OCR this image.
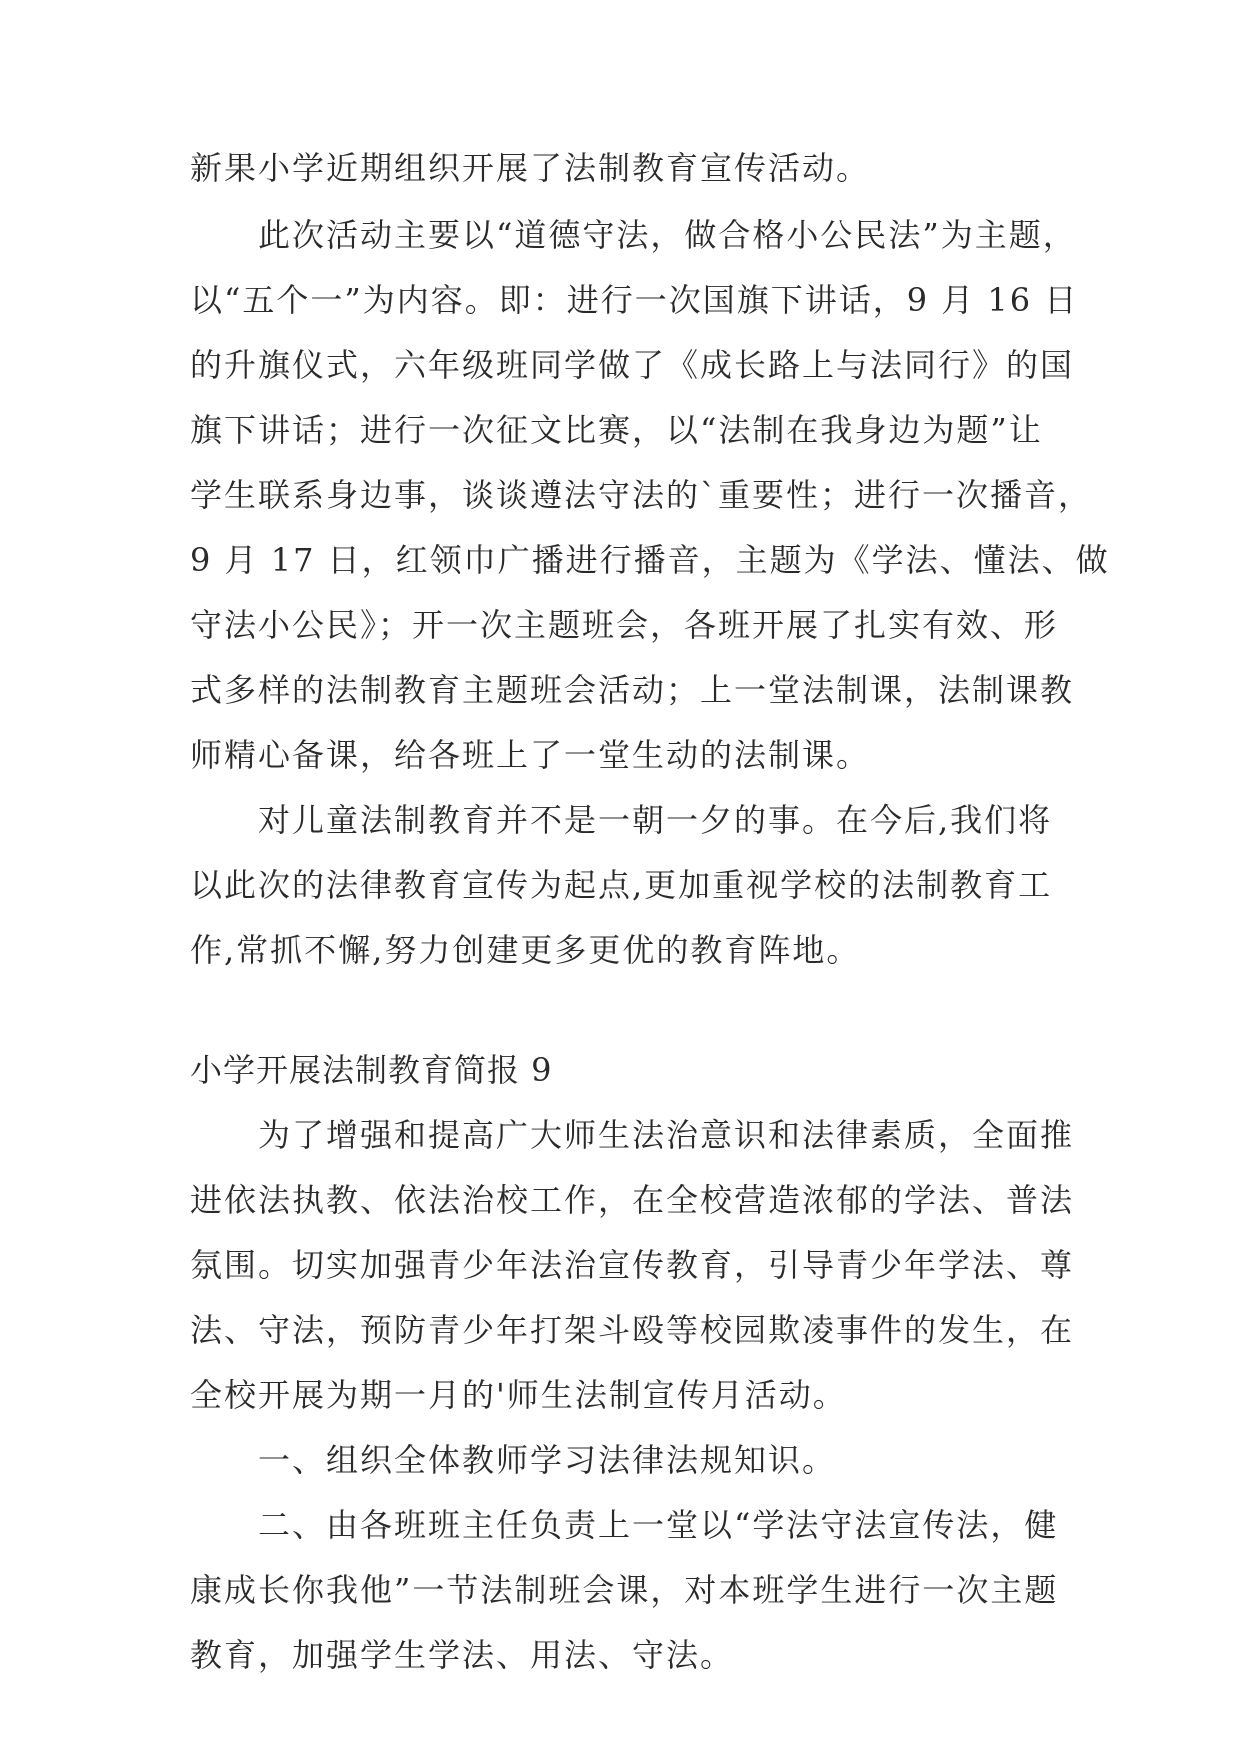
新果小学近期组织开展了法制教育宣传活动。
此次活动主要以“道德守法，做合格小公民法”为主题，
以“五个一”为内容。即：进行一次国旗下讲话，9 月 16 日
的升旗仪式，六年级班同学做了《成长路上与法同行》的国
旗下讲话；进行一次征文比赛，以“法制在我身边为题”让
学生联系身边事，谈谈遵法守法的`重要性；进行一次播音，
9 月 17 日，红领巾广播进行播音，主题为《学法、懂法、做
守法小公民》；开一次主题班会，各班开展了扎实有效、形
式多样的法制教育主题班会活动；上一堂法制课，法制课教
师精心备课，给各班上了一堂生动的法制课。
对儿童法制教育并不是一朝一夕的事。在今后,我们将
以此次的法律教育宣传为起点,更加重视学校的法制教育工
作,常抓不懈,努力创建更多更优的教育阵地。
小学开展法制教育简报 9
为了增强和提高广大师生法治意识和法律素质，全面推
进依法执教、依法治校工作，在全校营造浓郁的学法、普法
氛围。切实加强青少年法治宣传教育，引导青少年学法、尊
法、守法，预防青少年打架斗殴等校园欺凌事件的发生，在
全校开展为期一月的'师生法制宣传月活动。
一、组织全体教师学习法律法规知识。
二、由各班班主任负责上一堂以“学法守法宣传法，健
康成长你我他”一节法制班会课，对本班学生进行一次主题
教育，加强学生学法、用法、守法。
